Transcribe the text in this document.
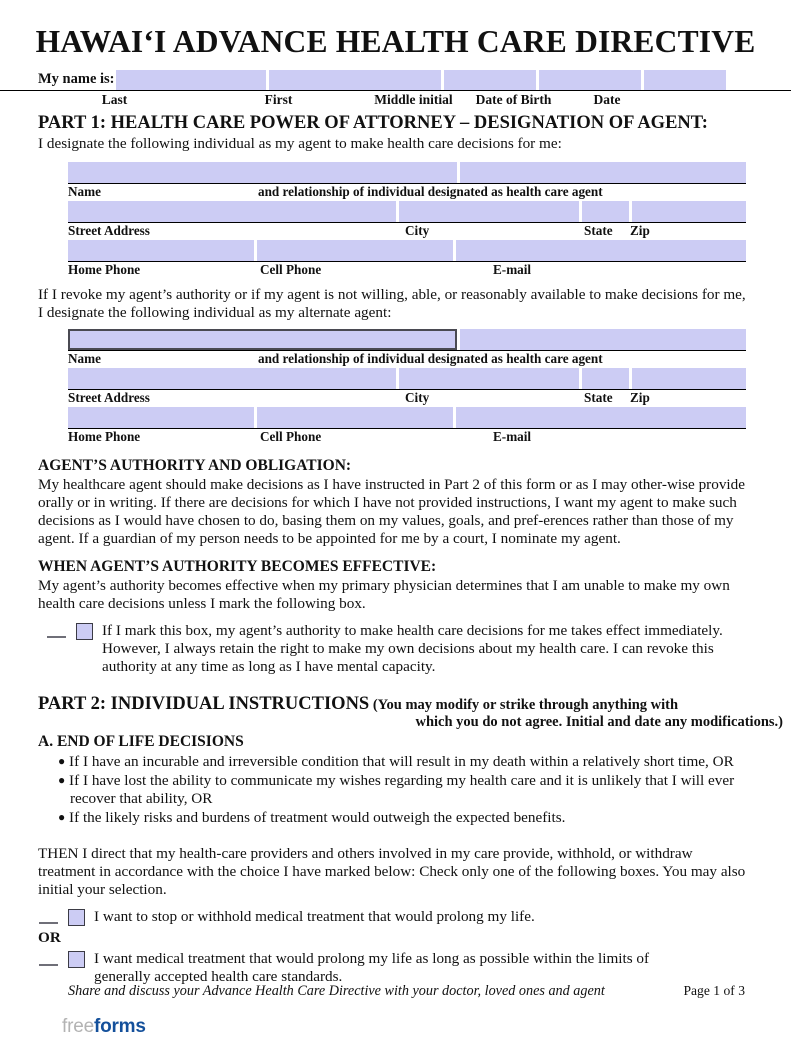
HAWAIʻI ADVANCE HEALTH CARE DIRECTIVE
My name is:
Last	First	Middle initial	Date of Birth	Date
PART 1: HEALTH CARE POWER OF ATTORNEY – DESIGNATION OF AGENT:
I designate the following individual as my agent to make health care decisions for me:
Name	and relationship of individual designated as health care agent
Street Address	City	State Zip
Home Phone	Cell Phone	E-mail
If I revoke my agent’s authority or if my agent is not willing, able, or reasonably available to make decisions for me, I designate the following individual as my alternate agent:
Name	and relationship of individual designated as health care agent
Street Address	City	State Zip
Home Phone	Cell Phone	E-mail
AGENT’S AUTHORITY AND OBLIGATION:
My healthcare agent should make decisions as I have instructed in Part 2 of this form or as I may other-wise provide orally or in writing. If there are decisions for which I have not provided instructions, I want my agent to make such decisions as I would have chosen to do, basing them on my values, goals, and pref-erences rather than those of my agent. If a guardian of my person needs to be appointed for me by a court, I nominate my agent.
WHEN AGENT’S AUTHORITY BECOMES EFFECTIVE:
My agent’s authority becomes effective when my primary physician determines that I am unable to make my own health care decisions unless I mark the following box.
If I mark this box, my agent’s authority to make health care decisions for me takes effect immediately. However, I always retain the right to make my own decisions about my health care. I can revoke this authority at any time as long as I have mental capacity.
PART 2: INDIVIDUAL INSTRUCTIONS (You may modify or strike through anything with
which you do not agree. Initial and date any modifications.)
A. END OF LIFE DECISIONS
● If I have an incurable and irreversible condition that will result in my death within a relatively short time, OR
● If I have lost the ability to communicate my wishes regarding my health care and it is unlikely that I will ever recover that ability, OR
● If the likely risks and burdens of treatment would outweigh the expected benefits.
THEN I direct that my health-care providers and others involved in my care provide, withhold, or withdraw treatment in accordance with the choice I have marked below: Check only one of the following boxes. You may also initial your selection.
I want to stop or withhold medical treatment that would prolong my life.
OR
I want medical treatment that would prolong my life as long as possible within the limits of generally accepted health care standards.
Share and discuss your Advance Health Care Directive with your doctor, loved ones and agent	Page 1 of 3
freeforms
